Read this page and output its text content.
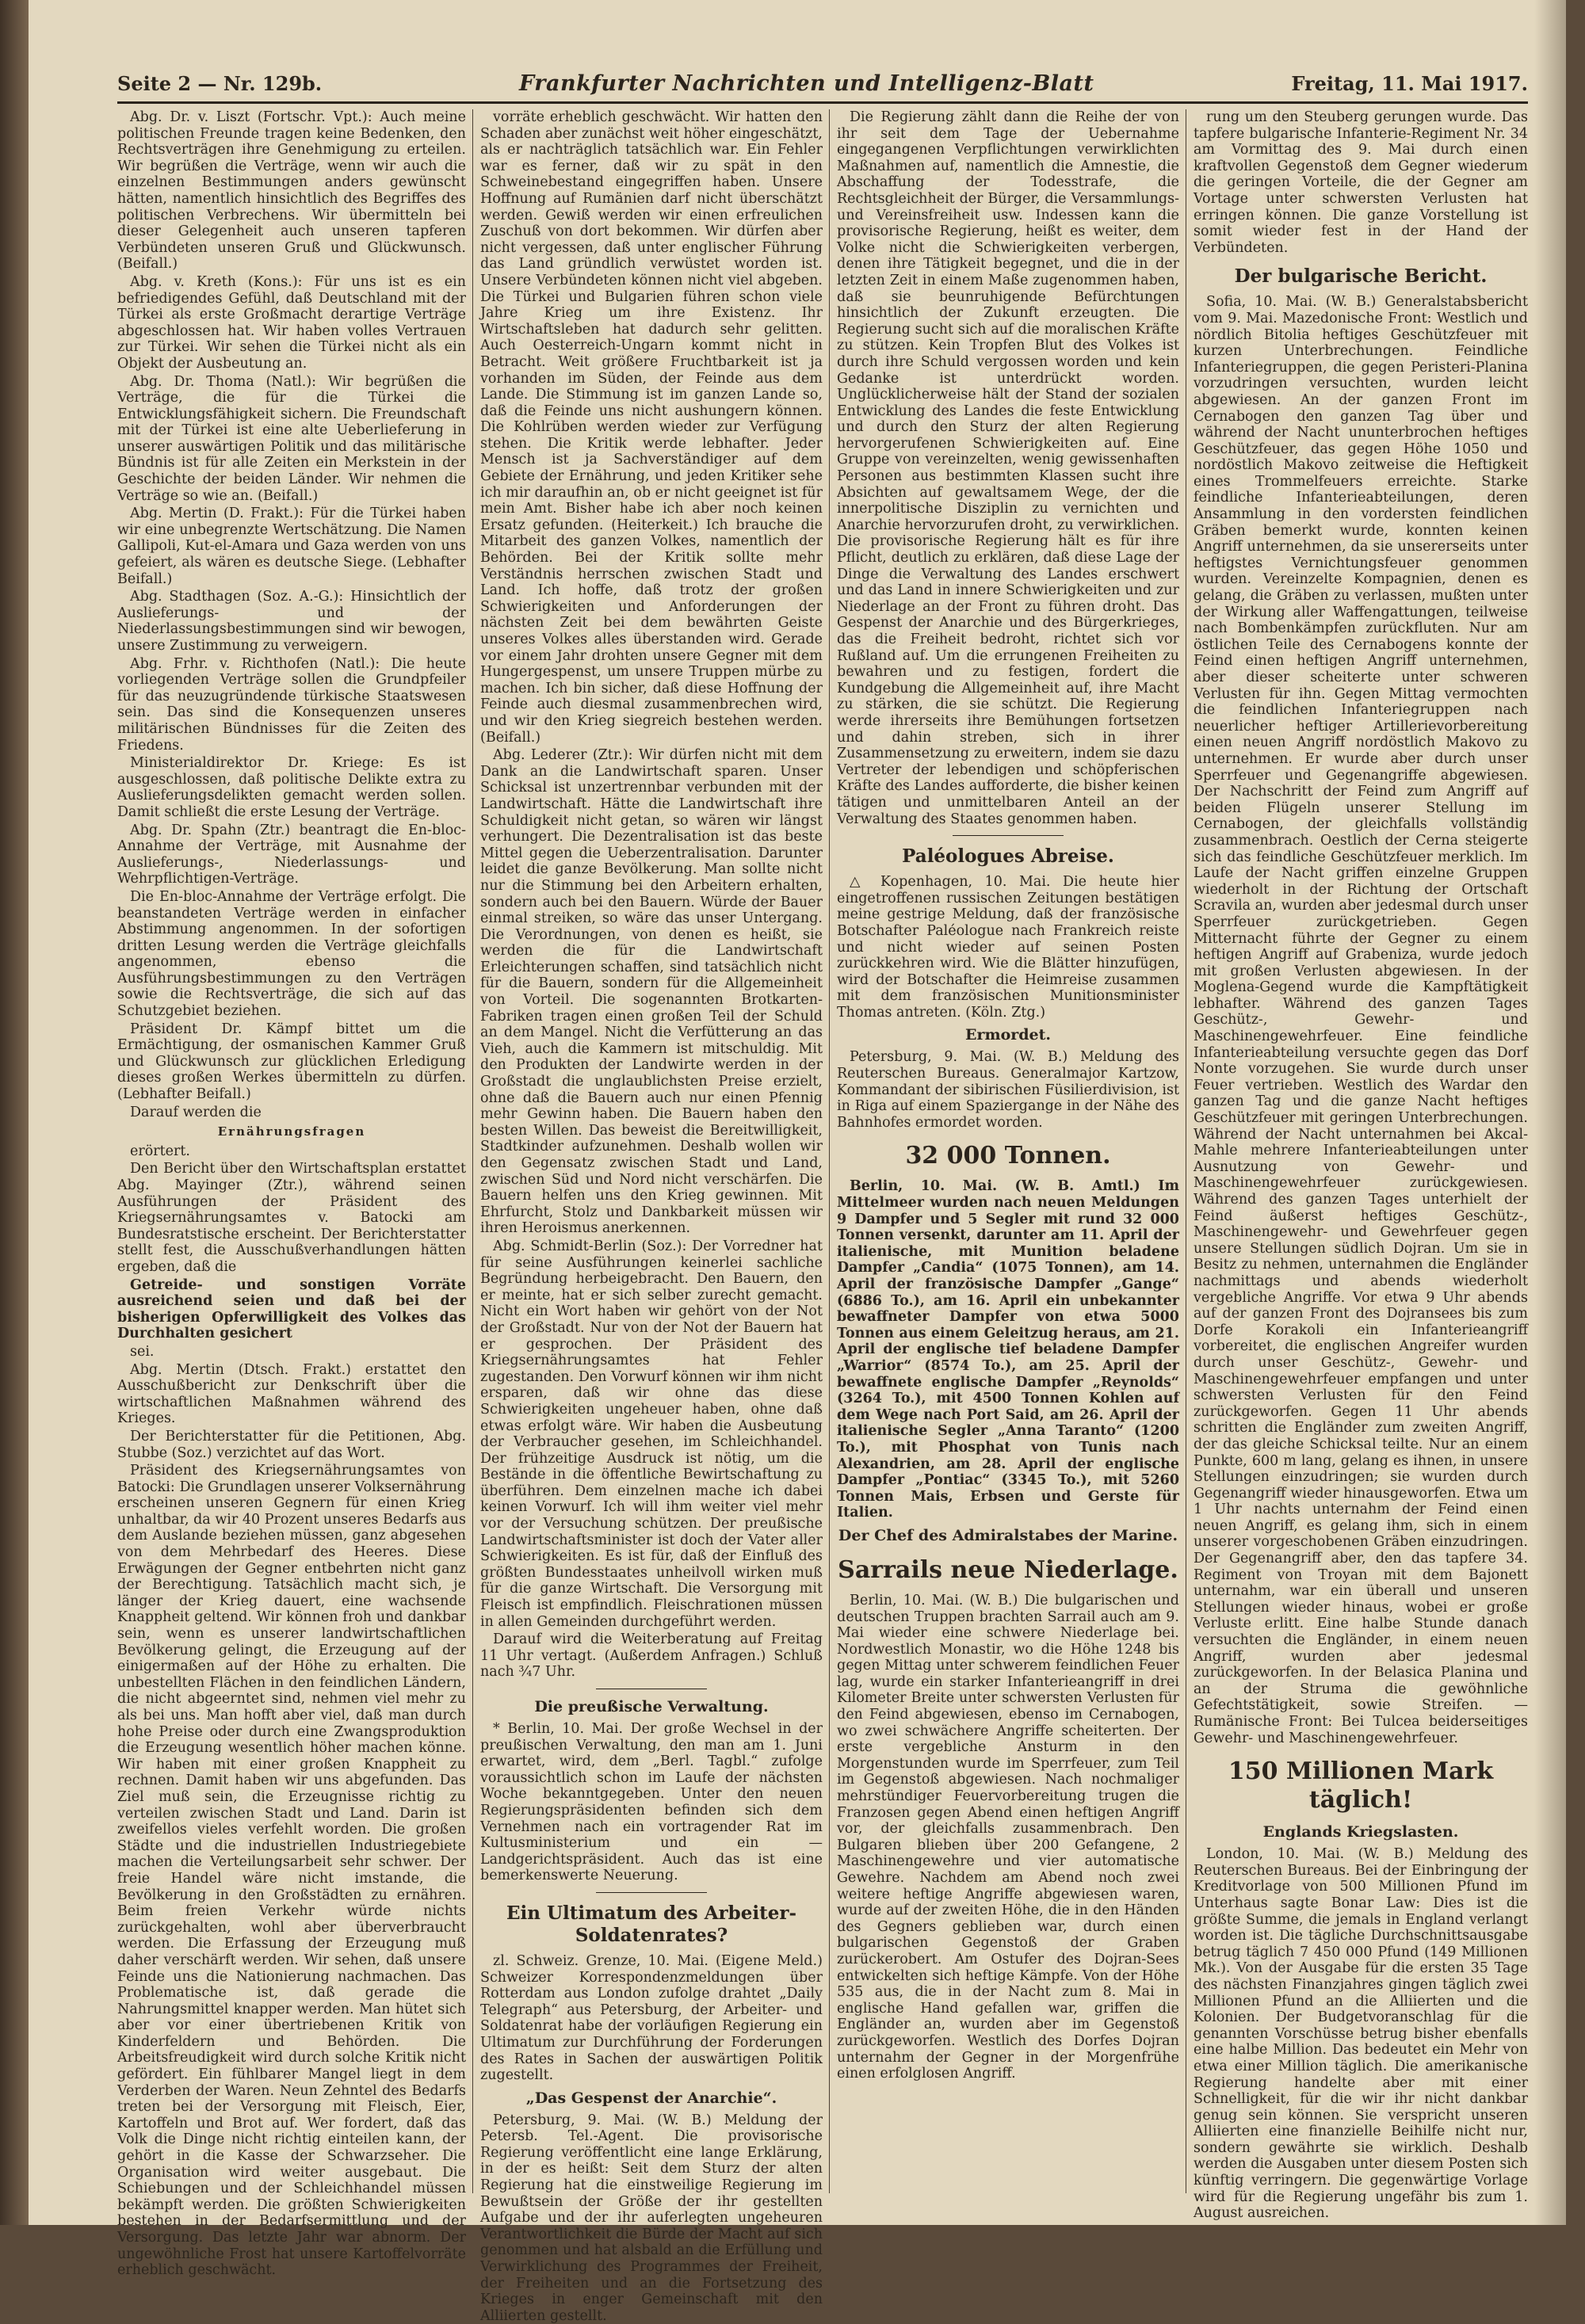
Seite 2 — Nr. 129b.	Frankfurter Nachrichten und Intelligenz-Blatt	Freitag, 11. Mai 1917.

Abg. Dr. v. Liszt (Fortschr. Vpt.): Auch meine politischen Freunde tragen keine Bedenken, den Rechtsverträgen ihre Genehmigung zu erteilen. Wir begrüßen die Verträge, wenn wir auch die einzelnen Bestimmungen anders gewünscht hätten, namentlich hinsichtlich des Begriffes des politischen Verbrechens. Wir übermitteln bei dieser Gelegenheit auch unseren tapferen Verbündeten unseren Gruß und Glückwunsch. (Beifall.)

Abg. v. Kreth (Kons.): Für uns ist es ein befriedigendes Gefühl, daß Deutschland mit der Türkei als erste Großmacht derartige Verträge abgeschlossen hat. Wir haben volles Vertrauen zur Türkei. Wir sehen die Türkei nicht als ein Objekt der Ausbeutung an.

Abg. Dr. Thoma (Natl.): Wir begrüßen die Verträge, die für die Türkei die Entwicklungsfähigkeit sichern. Die Freundschaft mit der Türkei ist eine alte Ueberlieferung in unserer auswärtigen Politik und das militärische Bündnis ist für alle Zeiten ein Merkstein in der Geschichte der beiden Länder. Wir nehmen die Verträge so wie an. (Beifall.)

Abg. Mertin (D. Frakt.): Für die Türkei haben wir eine unbegrenzte Wertschätzung. Die Namen Gallipoli, Kut-el-Amara und Gaza werden von uns gefeiert, als wären es deutsche Siege. (Lebhafter Beifall.)

Abg. Stadthagen (Soz. A.-G.): Hinsichtlich der Auslieferungs- und der Niederlassungsbestimmungen sind wir bewogen, unsere Zustimmung zu verweigern.

Abg. Frhr. v. Richthofen (Natl.): Die heute vorliegenden Verträge sollen die Grundpfeiler für das neuzugründende türkische Staatswesen sein. Das sind die Konsequenzen unseres militärischen Bündnisses für die Zeiten des Friedens.

Ministerialdirektor Dr. Kriege: Es ist ausgeschlossen, daß politische Delikte extra zu Auslieferungsdelikten gemacht werden sollen. Damit schließt die erste Lesung der Verträge.

Abg. Dr. Spahn (Ztr.) beantragt die En-bloc-Annahme der Verträge, mit Ausnahme der Auslieferungs-, Niederlassungs- und Wehrpflichtigen-Verträge.

Die En-bloc-Annahme der Verträge erfolgt. Die beanstandeten Verträge werden in einfacher Abstimmung angenommen. In der sofortigen dritten Lesung werden die Verträge gleichfalls angenommen, ebenso die Ausführungsbestimmungen zu den Verträgen sowie die Rechtsverträge, die sich auf das Schutzgebiet beziehen.

Präsident Dr. Kämpf bittet um die Ermächtigung, der osmanischen Kammer Gruß und Glückwunsch zur glücklichen Erledigung dieses großen Werkes übermitteln zu dürfen. (Lebhafter Beifall.)

Darauf werden die

Ernährungsfragen

erörtert.

Den Bericht über den Wirtschaftsplan erstattet Abg. Mayinger (Ztr.), während seinen Ausführungen der Präsident des Kriegsernährungsamtes v. Batocki am Bundesratstische erscheint. Der Berichterstatter stellt fest, die Ausschußverhandlungen hätten ergeben, daß die

Getreide- und sonstigen Vorräte ausreichend seien und daß bei der bisherigen Opferwilligkeit des Volkes das Durchhalten gesichert

sei.

Abg. Mertin (Dtsch. Frakt.) erstattet den Ausschußbericht zur Denkschrift über die wirtschaftlichen Maßnahmen während des Krieges.

Der Berichterstatter für die Petitionen, Abg. Stubbe (Soz.) verzichtet auf das Wort.

Präsident des Kriegsernährungsamtes von Batocki: Die Grundlagen unserer Volksernährung erscheinen unseren Gegnern für einen Krieg unhaltbar, da wir 40 Prozent unseres Bedarfs aus dem Auslande beziehen müssen, ganz abgesehen von dem Mehrbedarf des Heeres. Diese Erwägungen der Gegner entbehrten nicht ganz der Berechtigung. Tatsächlich macht sich, je länger der Krieg dauert, eine wachsende Knappheit geltend. Wir können froh und dankbar sein, wenn es unserer landwirtschaftlichen Bevölkerung gelingt, die Erzeugung auf der einigermaßen auf der Höhe zu erhalten. Die unbestellten Flächen in den feindlichen Ländern, die nicht abgeerntet sind, nehmen viel mehr zu als bei uns. Man hofft aber viel, daß man durch hohe Preise oder durch eine Zwangsproduktion die Erzeugung wesentlich höher machen könne. Wir haben mit einer großen Knappheit zu rechnen. Damit haben wir uns abgefunden. Das Ziel muß sein, die Erzeugnisse richtig zu verteilen zwischen Stadt und Land. Darin ist zweifellos vieles verfehlt worden. Die großen Städte und die industriellen Industriegebiete machen die Verteilungsarbeit sehr schwer. Der freie Handel wäre nicht imstande, die Bevölkerung in den Großstädten zu ernähren. Beim freien Verkehr würde nichts zurückgehalten, wohl aber überverbraucht werden. Die Erfassung der Erzeugung muß daher verschärft werden. Wir sehen, daß unsere Feinde uns die Nationierung nachmachen. Das Problematische ist, daß gerade die Nahrungsmittel knapper werden. Man hütet sich aber vor einer übertriebenen Kritik von Kinderfeldern und Behörden. Die Arbeitsfreudigkeit wird durch solche Kritik nicht gefördert. Ein fühlbarer Mangel liegt in dem Verderben der Waren. Neun Zehntel des Bedarfs treten bei der Versorgung mit Fleisch, Eier, Kartoffeln und Brot auf. Wer fordert, daß das Volk die Dinge nicht richtig einteilen kann, der gehört in die Kasse der Schwarzseher. Die Organisation wird weiter ausgebaut. Die Schiebungen und der Schleichhandel müssen bekämpft werden. Die größten Schwierigkeiten bestehen in der Bedarfsermittlung und der Versorgung. Das letzte Jahr war abnorm. Der ungewöhnliche Frost hat unsere Kartoffelvorräte erheblich geschwächt.

vorräte erheblich geschwächt. Wir hatten den Schaden aber zunächst weit höher eingeschätzt, als er nachträglich tatsächlich war. Ein Fehler war es ferner, daß wir zu spät in den Schweinebestand eingegriffen haben. Unsere Hoffnung auf Rumänien darf nicht überschätzt werden. Gewiß werden wir einen erfreulichen Zuschuß von dort bekommen. Wir dürfen aber nicht vergessen, daß unter englischer Führung das Land gründlich verwüstet worden ist. Unsere Verbündeten können nicht viel abgeben. Die Türkei und Bulgarien führen schon viele Jahre Krieg um ihre Existenz. Ihr Wirtschaftsleben hat dadurch sehr gelitten. Auch Oesterreich-Ungarn kommt nicht in Betracht. Weit größere Fruchtbarkeit ist ja vorhanden im Süden, der Feinde aus dem Lande. Die Stimmung ist im ganzen Lande so, daß die Feinde uns nicht aushungern können. Die Kohlrüben werden wieder zur Verfügung stehen. Die Kritik werde lebhafter. Jeder Mensch ist ja Sachverständiger auf dem Gebiete der Ernährung, und jeden Kritiker sehe ich mir daraufhin an, ob er nicht geeignet ist für mein Amt. Bisher habe ich aber noch keinen Ersatz gefunden. (Heiterkeit.) Ich brauche die Mitarbeit des ganzen Volkes, namentlich der Behörden. Bei der Kritik sollte mehr Verständnis herrschen zwischen Stadt und Land. Ich hoffe, daß trotz der großen Schwierigkeiten und Anforderungen der nächsten Zeit bei dem bewährten Geiste unseres Volkes alles überstanden wird. Gerade vor einem Jahr drohten unsere Gegner mit dem Hungergespenst, um unsere Truppen mürbe zu machen. Ich bin sicher, daß diese Hoffnung der Feinde auch diesmal zusammenbrechen wird, und wir den Krieg siegreich bestehen werden. (Beifall.)

Abg. Lederer (Ztr.): Wir dürfen nicht mit dem Dank an die Landwirtschaft sparen. Unser Schicksal ist unzertrennbar verbunden mit der Landwirtschaft. Hätte die Landwirtschaft ihre Schuldigkeit nicht getan, so wären wir längst verhungert. Die Dezentralisation ist das beste Mittel gegen die Ueberzentralisation. Darunter leidet die ganze Bevölkerung. Man sollte nicht nur die Stimmung bei den Arbeitern erhalten, sondern auch bei den Bauern. Würde der Bauer einmal streiken, so wäre das unser Untergang. Die Verordnungen, von denen es heißt, sie werden die für die Landwirtschaft Erleichterungen schaffen, sind tatsächlich nicht für die Bauern, sondern für die Allgemeinheit von Vorteil. Die sogenannten Brotkarten-Fabriken tragen einen großen Teil der Schuld an dem Mangel. Nicht die Verfütterung an das Vieh, auch die Kammern ist mitschuldig. Mit den Produkten der Landwirte werden in der Großstadt die unglaublichsten Preise erzielt, ohne daß die Bauern auch nur einen Pfennig mehr Gewinn haben. Die Bauern haben den besten Willen. Das beweist die Bereitwilligkeit, Stadtkinder aufzunehmen. Deshalb wollen wir den Gegensatz zwischen Stadt und Land, zwischen Süd und Nord nicht verschärfen. Die Bauern helfen uns den Krieg gewinnen. Mit Ehrfurcht, Stolz und Dankbarkeit müssen wir ihren Heroismus anerkennen.

Abg. Schmidt-Berlin (Soz.): Der Vorredner hat für seine Ausführungen keinerlei sachliche Begründung herbeigebracht. Den Bauern, den er meinte, hat er sich selber zurecht gemacht. Nicht ein Wort haben wir gehört von der Not der Großstadt. Nur von der Not der Bauern hat er gesprochen. Der Präsident des Kriegsernährungsamtes hat Fehler zugestanden. Den Vorwurf können wir ihm nicht ersparen, daß wir ohne das diese Schwierigkeiten ungeheuer haben, ohne daß etwas erfolgt wäre. Wir haben die Ausbeutung der Verbraucher gesehen, im Schleichhandel. Der frühzeitige Ausdruck ist nötig, um die Bestände in die öffentliche Bewirtschaftung zu überführen. Dem einzelnen mache ich dabei keinen Vorwurf. Ich will ihm weiter viel mehr vor der Versuchung schützen. Der preußische Landwirtschaftsminister ist doch der Vater aller Schwierigkeiten. Es ist für, daß der Einfluß des größten Bundesstaates unheilvoll wirken muß für die ganze Wirtschaft. Die Versorgung mit Fleisch ist empfindlich. Fleischrationen müssen in allen Gemeinden durchgeführt werden.

Darauf wird die Weiterberatung auf Freitag 11 Uhr vertagt. (Außerdem Anfragen.) Schluß nach ¾7 Uhr.

Die preußische Verwaltung.

* Berlin, 10. Mai. Der große Wechsel in der preußischen Verwaltung, den man am 1. Juni erwartet, wird, dem „Berl. Tagbl.“ zufolge voraussichtlich schon im Laufe der nächsten Woche bekanntgegeben. Unter den neuen Regierungspräsidenten befinden sich dem Vernehmen nach ein vortragender Rat im Kultusministerium und ein — Landgerichtspräsident. Auch das ist eine bemerkenswerte Neuerung.

Ein Ultimatum des Arbeiter-Soldatenrates?

zl. Schweiz. Grenze, 10. Mai. (Eigene Meld.) Schweizer Korrespondenzmeldungen über Rotterdam aus London zufolge drahtet „Daily Telegraph“ aus Petersburg, der Arbeiter- und Soldatenrat habe der vorläufigen Regierung ein Ultimatum zur Durchführung der Forderungen des Rates in Sachen der auswärtigen Politik zugestellt.

„Das Gespenst der Anarchie“.

Petersburg, 9. Mai. (W. B.) Meldung der Petersb. Tel.-Agent. Die provisorische Regierung veröffentlicht eine lange Erklärung, in der es heißt: Seit dem Sturz der alten Regierung hat die einstweilige Regierung im Bewußtsein der Größe der ihr gestellten Aufgabe und der ihr auferlegten ungeheuren Verantwortlichkeit die Bürde der Macht auf sich genommen und hat alsbald an die Erfüllung und Verwirklichung des Programmes der Freiheit, der Freiheiten und an die Fortsetzung des Krieges in enger Gemeinschaft mit den Alliierten gestellt.

Die Regierung zählt dann die Reihe der von ihr seit dem Tage der Uebernahme eingegangenen Verpflichtungen verwirklichten Maßnahmen auf, namentlich die Amnestie, die Abschaffung der Todesstrafe, die Rechtsgleichheit der Bürger, die Versammlungs- und Vereinsfreiheit usw. Indessen kann die provisorische Regierung, heißt es weiter, dem Volke nicht die Schwierigkeiten verbergen, denen ihre Tätigkeit begegnet, und die in der letzten Zeit in einem Maße zugenommen haben, daß sie beunruhigende Befürchtungen hinsichtlich der Zukunft erzeugten. Die Regierung sucht sich auf die moralischen Kräfte zu stützen. Kein Tropfen Blut des Volkes ist durch ihre Schuld vergossen worden und kein Gedanke ist unterdrückt worden. Unglücklicherweise hält der Stand der sozialen Entwicklung des Landes die feste Entwicklung und durch den Sturz der alten Regierung hervorgerufenen Schwierigkeiten auf. Eine Gruppe von vereinzelten, wenig gewissenhaften Personen aus bestimmten Klassen sucht ihre Absichten auf gewaltsamem Wege, der die innerpolitische Disziplin zu vernichten und Anarchie hervorzurufen droht, zu verwirklichen. Die provisorische Regierung hält es für ihre Pflicht, deutlich zu erklären, daß diese Lage der Dinge die Verwaltung des Landes erschwert und das Land in innere Schwierigkeiten und zur Niederlage an der Front zu führen droht. Das Gespenst der Anarchie und des Bürgerkrieges, das die Freiheit bedroht, richtet sich vor Rußland auf. Um die errungenen Freiheiten zu bewahren und zu festigen, fordert die Kundgebung die Allgemeinheit auf, ihre Macht zu stärken, die sie schützt. Die Regierung werde ihrerseits ihre Bemühungen fortsetzen und dahin streben, sich in ihrer Zusammensetzung zu erweitern, indem sie dazu Vertreter der lebendigen und schöpferischen Kräfte des Landes aufforderte, die bisher keinen tätigen und unmittelbaren Anteil an der Verwaltung des Staates genommen haben.

Paléologues Abreise.

△ Kopenhagen, 10. Mai. Die heute hier eingetroffenen russischen Zeitungen bestätigen meine gestrige Meldung, daß der französische Botschafter Paléologue nach Frankreich reiste und nicht wieder auf seinen Posten zurückkehren wird. Wie die Blätter hinzufügen, wird der Botschafter die Heimreise zusammen mit dem französischen Munitionsminister Thomas antreten. (Köln. Ztg.)

Ermordet.

Petersburg, 9. Mai. (W. B.) Meldung des Reuterschen Bureaus. Generalmajor Kartzow, Kommandant der sibirischen Füsilierdivision, ist in Riga auf einem Spaziergange in der Nähe des Bahnhofes ermordet worden.

32 000 Tonnen.

Berlin, 10. Mai. (W. B. Amtl.) Im Mittelmeer wurden nach neuen Meldungen 9 Dampfer und 5 Segler mit rund 32 000 Tonnen versenkt, darunter am 11. April der italienische, mit Munition beladene Dampfer „Candia“ (1075 Tonnen), am 14. April der französische Dampfer „Gange“ (6886 To.), am 16. April ein unbekannter bewaffneter Dampfer von etwa 5000 Tonnen aus einem Geleitzug heraus, am 21. April der englische tief beladene Dampfer „Warrior“ (8574 To.), am 25. April der bewaffnete englische Dampfer „Reynolds“ (3264 To.), mit 4500 Tonnen Kohlen auf dem Wege nach Port Said, am 26. April der italienische Segler „Anna Taranto“ (1200 To.), mit Phosphat von Tunis nach Alexandrien, am 28. April der englische Dampfer „Pontiac“ (3345 To.), mit 5260 Tonnen Mais, Erbsen und Gerste für Italien.

Der Chef des Admiralstabes der Marine.
Sarrails neue Niederlage.

Berlin, 10. Mai. (W. B.) Die bulgarischen und deutschen Truppen brachten Sarrail auch am 9. Mai wieder eine schwere Niederlage bei. Nordwestlich Monastir, wo die Höhe 1248 bis gegen Mittag unter schwerem feindlichen Feuer lag, wurde ein starker Infanterieangriff in drei Kilometer Breite unter schwersten Verlusten für den Feind abgewiesen, ebenso im Cernabogen, wo zwei schwächere Angriffe scheiterten. Der erste vergebliche Ansturm in den Morgenstunden wurde im Sperrfeuer, zum Teil im Gegenstoß abgewiesen. Nach nochmaliger mehrstündiger Feuervorbereitung trugen die Franzosen gegen Abend einen heftigen Angriff vor, der gleichfalls zusammenbrach. Den Bulgaren blieben über 200 Gefangene, 2 Maschinengewehre und vier automatische Gewehre. Nachdem am Abend noch zwei weitere heftige Angriffe abgewiesen waren, wurde auf der zweiten Höhe, die in den Händen des Gegners geblieben war, durch einen bulgarischen Gegenstoß der Graben zurückerobert. Am Ostufer des Dojran-Sees entwickelten sich heftige Kämpfe. Von der Höhe 535 aus, die in der Nacht zum 8. Mai in englische Hand gefallen war, griffen die Engländer an, wurden aber im Gegenstoß zurückgeworfen. Westlich des Dorfes Dojran unternahm der Gegner in der Morgenfrühe einen erfolglosen Angriff.

rung um den Steuberg gerungen wurde. Das tapfere bulgarische Infanterie-Regiment Nr. 34 am Vormittag des 9. Mai durch einen kraftvollen Gegenstoß dem Gegner wiederum die geringen Vorteile, die der Gegner am Vortage unter schwersten Verlusten hat erringen können. Die ganze Vorstellung ist somit wieder fest in der Hand der Verbündeten.

Der bulgarische Bericht.

Sofia, 10. Mai. (W. B.) Generalstabsbericht vom 9. Mai. Mazedonische Front: Westlich und nördlich Bitolia heftiges Geschützfeuer mit kurzen Unterbrechungen. Feindliche Infanteriegruppen, die gegen Peristeri-Planina vorzudringen versuchten, wurden leicht abgewiesen. An der ganzen Front im Cernabogen den ganzen Tag über und während der Nacht ununterbrochen heftiges Geschützfeuer, das gegen Höhe 1050 und nordöstlich Makovo zeitweise die Heftigkeit eines Trommelfeuers erreichte. Starke feindliche Infanterieabteilungen, deren Ansammlung in den vordersten feindlichen Gräben bemerkt wurde, konnten keinen Angriff unternehmen, da sie unsererseits unter heftigstes Vernichtungsfeuer genommen wurden. Vereinzelte Kompagnien, denen es gelang, die Gräben zu verlassen, mußten unter der Wirkung aller Waffengattungen, teilweise nach Bombenkämpfen zurückfluten. Nur am östlichen Teile des Cernabogens konnte der Feind einen heftigen Angriff unternehmen, aber dieser scheiterte unter schweren Verlusten für ihn. Gegen Mittag vermochten die feindlichen Infanteriegruppen nach neuerlicher heftiger Artillerievorbereitung einen neuen Angriff nordöstlich Makovo zu unternehmen. Er wurde aber durch unser Sperrfeuer und Gegenangriffe abgewiesen. Der Nachschritt der Feind zum Angriff auf beiden Flügeln unserer Stellung im Cernabogen, der gleichfalls vollständig zusammenbrach. Oestlich der Cerna steigerte sich das feindliche Geschützfeuer merklich. Im Laufe der Nacht griffen einzelne Gruppen wiederholt in der Richtung der Ortschaft Scravila an, wurden aber jedesmal durch unser Sperrfeuer zurückgetrieben. Gegen Mitternacht führte der Gegner zu einem heftigen Angriff auf Grabeniza, wurde jedoch mit großen Verlusten abgewiesen. In der Moglena-Gegend wurde die Kampftätigkeit lebhafter. Während des ganzen Tages Geschütz-, Gewehr- und Maschinengewehrfeuer. Eine feindliche Infanterieabteilung versuchte gegen das Dorf Nonte vorzugehen. Sie wurde durch unser Feuer vertrieben. Westlich des Wardar den ganzen Tag und die ganze Nacht heftiges Geschützfeuer mit geringen Unterbrechungen. Während der Nacht unternahmen bei Akcal-Mahle mehrere Infanterieabteilungen unter Ausnutzung von Gewehr- und Maschinengewehrfeuer zurückgewiesen. Während des ganzen Tages unterhielt der Feind äußerst heftiges Geschütz-, Maschinengewehr- und Gewehrfeuer gegen unsere Stellungen südlich Dojran. Um sie in Besitz zu nehmen, unternahmen die Engländer nachmittags und abends wiederholt vergebliche Angriffe. Vor etwa 9 Uhr abends auf der ganzen Front des Dojransees bis zum Dorfe Korakoli ein Infanterieangriff vorbereitet, die englischen Angreifer wurden durch unser Geschütz-, Gewehr- und Maschinengewehrfeuer empfangen und unter schwersten Verlusten für den Feind zurückgeworfen. Gegen 11 Uhr abends schritten die Engländer zum zweiten Angriff, der das gleiche Schicksal teilte. Nur an einem Punkte, 600 m lang, gelang es ihnen, in unsere Stellungen einzudringen; sie wurden durch Gegenangriff wieder hinausgeworfen. Etwa um 1 Uhr nachts unternahm der Feind einen neuen Angriff, es gelang ihm, sich in einem unserer vorgeschobenen Gräben einzudringen. Der Gegenangriff aber, den das tapfere 34. Regiment von Troyan mit dem Bajonett unternahm, war ein überall und unseren Stellungen wieder hinaus, wobei er große Verluste erlitt. Eine halbe Stunde danach versuchten die Engländer, in einem neuen Angriff, wurden aber jedesmal zurückgeworfen. In der Belasica Planina und an der Struma die gewöhnliche Gefechtstätigkeit, sowie Streifen. — Rumänische Front: Bei Tulcea beiderseitiges Gewehr- und Maschinengewehrfeuer.

150 Millionen Mark täglich!
Englands Kriegslasten.

London, 10. Mai. (W. B.) Meldung des Reuterschen Bureaus. Bei der Einbringung der Kreditvorlage von 500 Millionen Pfund im Unterhaus sagte Bonar Law: Dies ist die größte Summe, die jemals in England verlangt worden ist. Die tägliche Durchschnittsausgabe betrug täglich 7 450 000 Pfund (149 Millionen Mk.). Von der Ausgabe für die ersten 35 Tage des nächsten Finanzjahres gingen täglich zwei Millionen Pfund an die Alliierten und die Kolonien. Der Budgetvoranschlag für die genannten Vorschüsse betrug bisher ebenfalls eine halbe Million. Das bedeutet ein Mehr von etwa einer Million täglich. Die amerikanische Regierung handelte aber mit einer Schnelligkeit, für die wir ihr nicht dankbar genug sein können. Sie verspricht unseren Alliierten eine finanzielle Beihilfe nicht nur, sondern gewährte sie wirklich. Deshalb werden die Ausgaben unter diesem Posten sich künftig verringern. Die gegenwärtige Vorlage wird für die Regierung ungefähr bis zum 1. August ausreichen.
